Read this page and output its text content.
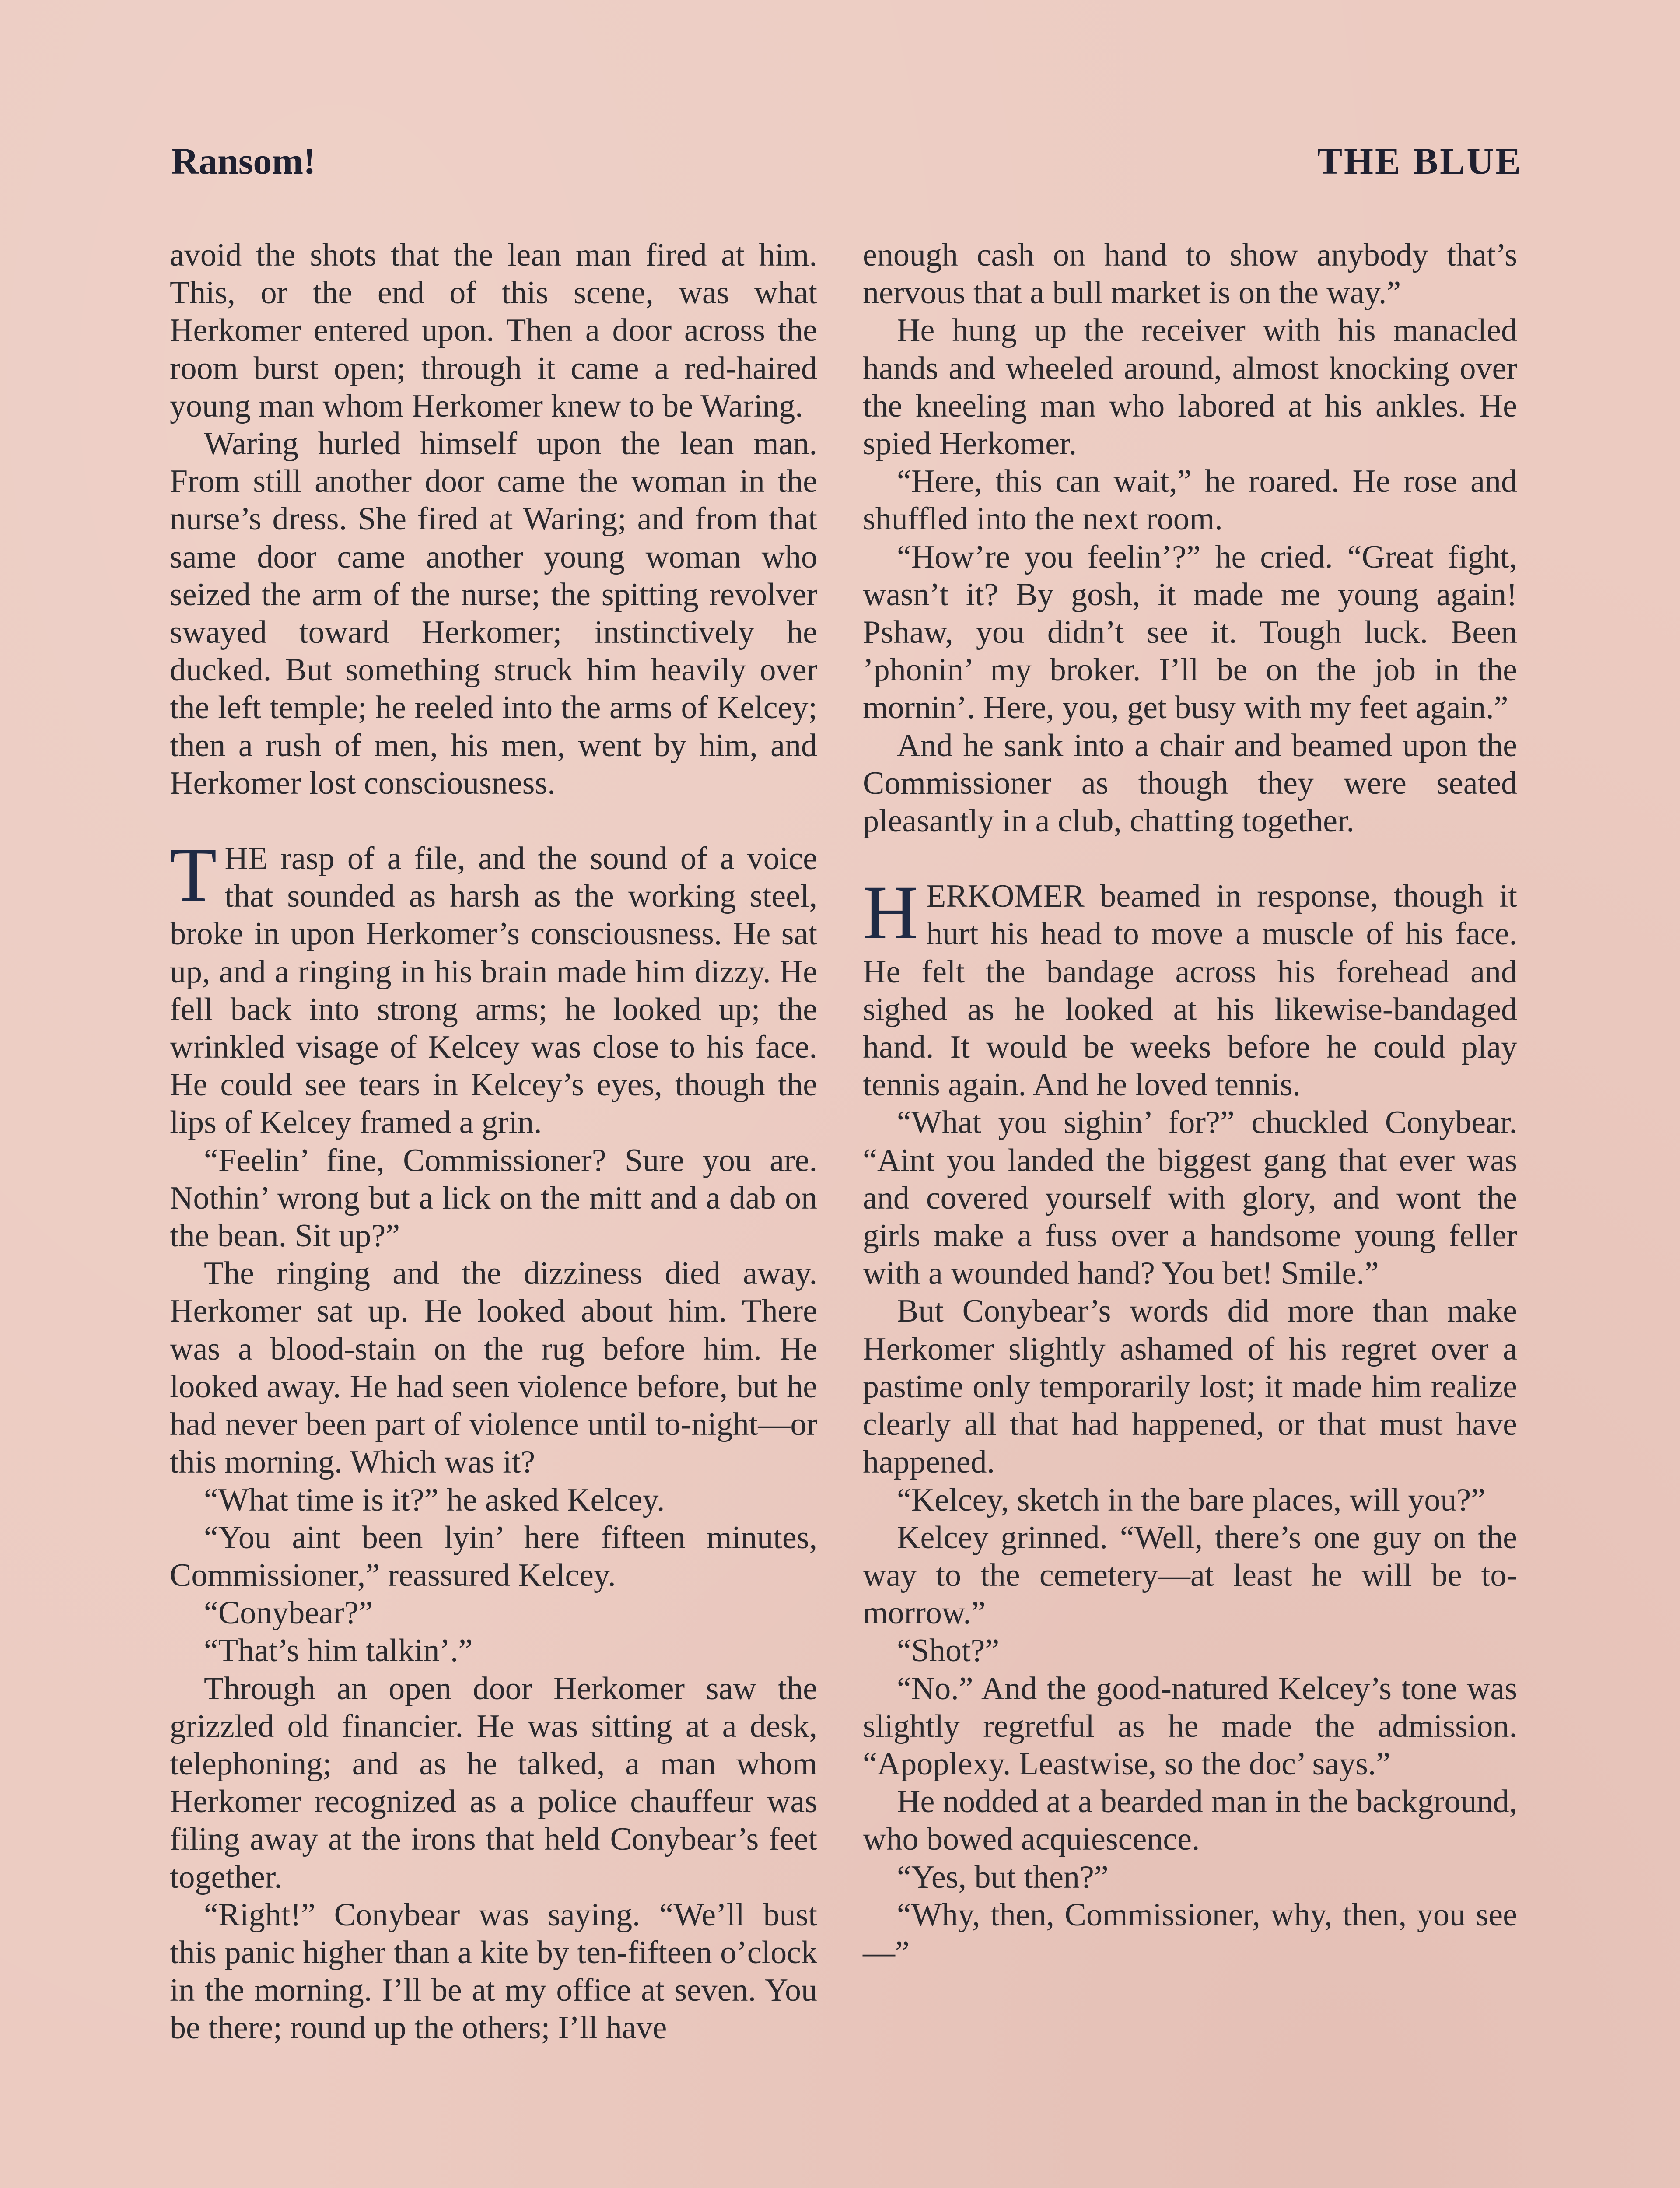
Ransom!	THE BLUE

avoid the shots that the lean man fired at him. This, or the end of this scene, was what Herkomer entered upon. Then a door across the room burst open; through it came a red-haired young man whom Herkomer knew to be Waring.

Waring hurled himself upon the lean man. From still another door came the woman in the nurse’s dress. She fired at Waring; and from that same door came another young woman who seized the arm of the nurse; the spitting revolver swayed toward Herkomer; instinctively he ducked. But something struck him heavily over the left temple; he reeled into the arms of Kelcey; then a rush of men, his men, went by him, and Herkomer lost consciousness.

THE rasp of a file, and the sound of a voice that sounded as harsh as the working steel, broke in upon Herkomer’s consciousness. He sat up, and a ringing in his brain made him dizzy. He fell back into strong arms; he looked up; the wrinkled visage of Kelcey was close to his face. He could see tears in Kelcey’s eyes, though the lips of Kelcey framed a grin.

“Feelin’ fine, Commissioner? Sure you are. Nothin’ wrong but a lick on the mitt and a dab on the bean. Sit up?”

The ringing and the dizziness died away. Herkomer sat up. He looked about him. There was a blood-stain on the rug before him. He looked away. He had seen violence before, but he had never been part of violence until to-night—or this morning. Which was it?

“What time is it?” he asked Kelcey.

“You aint been lyin’ here fifteen minutes, Commissioner,” reassured Kelcey.

“Conybear?”

“That’s him talkin’.”

Through an open door Herkomer saw the grizzled old financier. He was sitting at a desk, telephoning; and as he talked, a man whom Herkomer recognized as a police chauffeur was filing away at the irons that held Conybear’s feet together.

“Right!” Conybear was saying. “We’ll bust this panic higher than a kite by ten-fifteen o’clock in the morning. I’ll be at my office at seven. You be there; round up the others; I’ll have

enough cash on hand to show anybody that’s nervous that a bull market is on the way.”

He hung up the receiver with his manacled hands and wheeled around, almost knocking over the kneeling man who labored at his ankles. He spied Herkomer.

“Here, this can wait,” he roared. He rose and shuffled into the next room.

“How’re you feelin’?” he cried. “Great fight, wasn’t it? By gosh, it made me young again! Pshaw, you didn’t see it. Tough luck. Been ’phonin’ my broker. I’ll be on the job in the mornin’. Here, you, get busy with my feet again.”

And he sank into a chair and beamed upon the Commissioner as though they were seated pleasantly in a club, chatting together.

HERKOMER beamed in response, though it hurt his head to move a muscle of his face. He felt the bandage across his forehead and sighed as he looked at his likewise-bandaged hand. It would be weeks before he could play tennis again. And he loved tennis.

“What you sighin’ for?” chuckled Conybear. “Aint you landed the biggest gang that ever was and covered yourself with glory, and wont the girls make a fuss over a handsome young feller with a wounded hand? You bet! Smile.”

But Conybear’s words did more than make Herkomer slightly ashamed of his regret over a pastime only temporarily lost; it made him realize clearly all that had happened, or that must have happened.

“Kelcey, sketch in the bare places, will you?”

Kelcey grinned. “Well, there’s one guy on the way to the cemetery—at least he will be to-morrow.”

“Shot?”

“No.” And the good-natured Kelcey’s tone was slightly regretful as he made the admission. “Apoplexy. Leastwise, so the doc’ says.”

He nodded at a bearded man in the background, who bowed acquiescence.

“Yes, but then?”

“Why, then, Commissioner, why, then, you see—”
